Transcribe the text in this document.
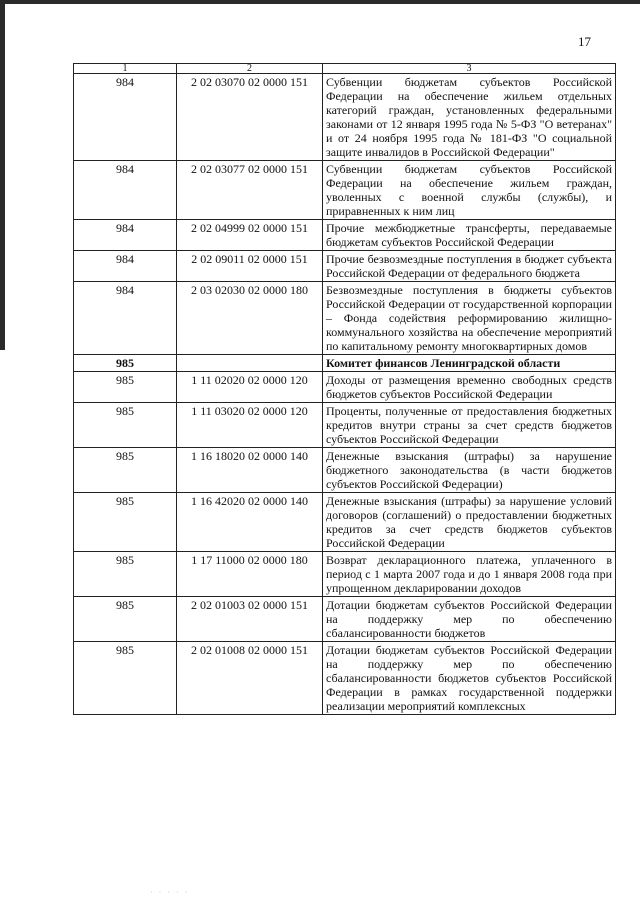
17
1	2	3
984	2 02 03070 02 0000 151	Субвенции бюджетам субъектов Российской Федерации на обеспечение жильем отдельных категорий граждан, установленных федеральными законами от 12 января 1995 года № 5-ФЗ "О ветеранах" и от 24 ноября 1995 года № 181-ФЗ "О социальной защите инвалидов в Российской Федерации"
984	2 02 03077 02 0000 151	Субвенции бюджетам субъектов Российской Федерации на обеспечение жильем граждан, уволенных с военной службы (службы), и приравненных к ним лиц
984	2 02 04999 02 0000 151	Прочие межбюджетные трансферты, передаваемые бюджетам субъектов Российской Федерации
984	2 02 09011 02 0000 151	Прочие безвозмездные поступления в бюджет субъекта Российской Федерации от федерального бюджета
984	2 03 02030 02 0000 180	Безвозмездные поступления в бюджеты субъектов Российской Федерации от государственной корпорации – Фонда содействия реформированию жилищно-коммунального хозяйства на обеспечение мероприятий по капитальному ремонту многоквартирных домов
985		Комитет финансов Ленинградской области
985	1 11 02020 02 0000 120	Доходы от размещения временно свободных средств бюджетов субъектов Российской Федерации
985	1 11 03020 02 0000 120	Проценты, полученные от предоставления бюджетных кредитов внутри страны за счет средств бюджетов субъектов Российской Федерации
985	1 16 18020 02 0000 140	Денежные взыскания (штрафы) за нарушение бюджетного законодательства (в части бюджетов субъектов Российской Федерации)
985	1 16 42020 02 0000 140	Денежные взыскания (штрафы) за нарушение условий договоров (соглашений) о предоставлении бюджетных кредитов за счет средств бюджетов субъектов Российской Федерации
985	1 17 11000 02 0000 180	Возврат декларационного платежа, уплаченного в период с 1 марта 2007 года и до 1 января 2008 года при упрощенном декларировании доходов
985	2 02 01003 02 0000 151	Дотации бюджетам субъектов Российской Федерации на поддержку мер по обеспечению сбалансированности бюджетов
985	2 02 01008 02 0000 151	Дотации бюджетам субъектов Российской Федерации на поддержку мер по обеспечению сбалансированности бюджетов субъектов Российской Федерации в рамках государственной поддержки реализации мероприятий комплексных
· · · · ·
